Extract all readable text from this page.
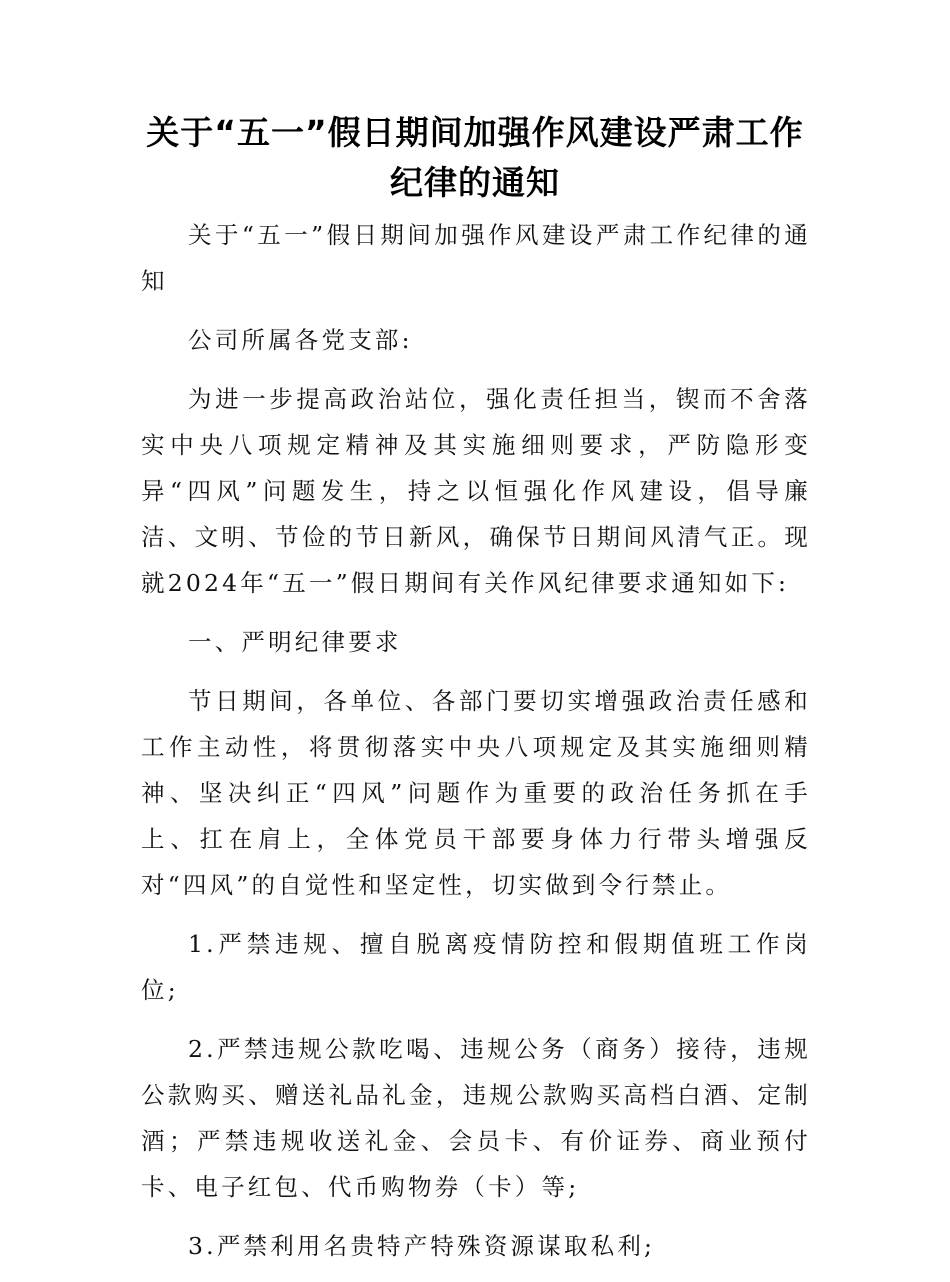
关于“五一”假日期间加强作风建设严肃工作纪律的通知

关于“五一”假日期间加强作风建设严肃工作纪律的通知

公司所属各党支部:

为进一步提高政治站位，强化责任担当，锲而不舍落实中央八项规定精神及其实施细则要求，严防隐形变异“四风”问题发生，持之以恒强化作风建设，倡导廉洁、文明、节俭的节日新风，确保节日期间风清气正。现就2024年“五一”假日期间有关作风纪律要求通知如下:

一、严明纪律要求

节日期间，各单位、各部门要切实增强政治责任感和工作主动性，将贯彻落实中央八项规定及其实施细则精神、坚决纠正“四风”问题作为重要的政治任务抓在手上、扛在肩上，全体党员干部要身体力行带头增强反对“四风”的自觉性和坚定性，切实做到令行禁止。

1.严禁违规、擅自脱离疫情防控和假期值班工作岗位;

2.严禁违规公款吃喝、违规公务（商务）接待，违规公款购买、赠送礼品礼金，违规公款购买高档白酒、定制酒；严禁违规收送礼金、会员卡、有价证券、商业预付卡、电子红包、代币购物券（卡）等;

3.严禁利用名贵特产特殊资源谋取私利;
